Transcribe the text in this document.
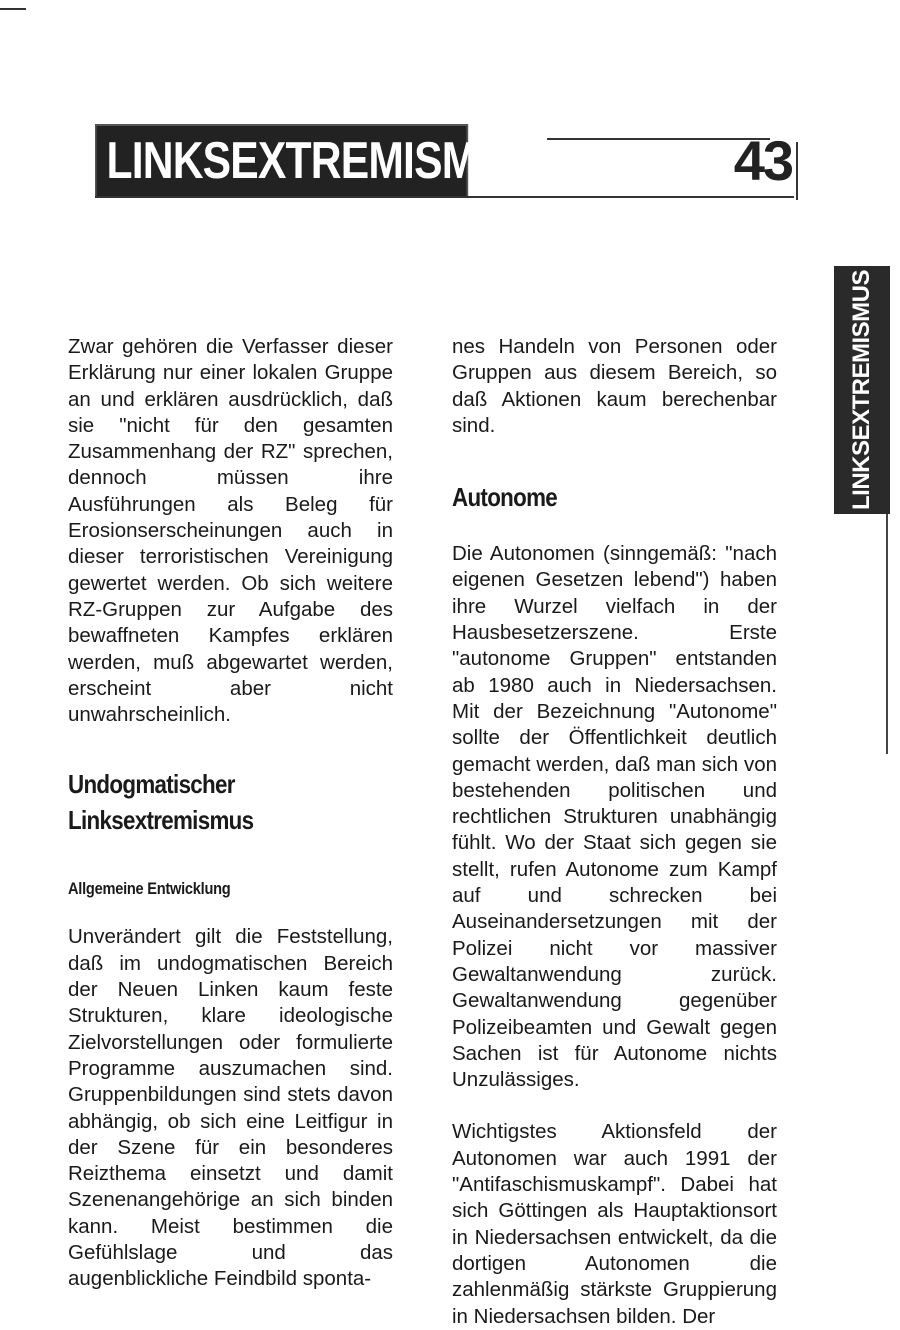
LINKSEXTREMISMUS	43
LINKSEXTREMISMUS

Zwar gehören die Verfasser dieser Erklärung nur einer lokalen Gruppe an und erklären ausdrücklich, daß sie "nicht für den gesamten Zusammenhang der RZ" sprechen, dennoch müssen ihre Ausführungen als Beleg für Erosionserscheinungen auch in dieser terroristischen Vereinigung gewertet werden. Ob sich weitere RZ-Gruppen zur Aufgabe des bewaffneten Kampfes erklären werden, muß abgewartet werden, erscheint aber nicht unwahrscheinlich.

Undogmatischer
Linksextremismus
Allgemeine Entwicklung

Unverändert gilt die Feststellung, daß im undogmatischen Bereich der Neuen Linken kaum feste Strukturen, klare ideologische Zielvorstellungen oder formulierte Programme auszumachen sind. Gruppenbildungen sind stets davon abhängig, ob sich eine Leitfigur in der Szene für ein besonderes Reizthema einsetzt und damit Szenenangehörige an sich binden kann. Meist bestimmen die Gefühlslage und das augenblickliche Feindbild sponta-

nes Handeln von Personen oder Gruppen aus diesem Bereich, so daß Aktionen kaum berechenbar sind.

Autonome

Die Autonomen (sinngemäß: "nach eigenen Gesetzen lebend") haben ihre Wurzel vielfach in der Hausbesetzerszene. Erste "autonome Gruppen" entstanden ab 1980 auch in Niedersachsen. Mit der Bezeichnung "Autonome" sollte der Öffentlichkeit deutlich gemacht werden, daß man sich von bestehenden politischen und rechtlichen Strukturen unabhängig fühlt. Wo der Staat sich gegen sie stellt, rufen Autonome zum Kampf auf und schrecken bei Auseinandersetzungen mit der Polizei nicht vor massiver Gewaltanwendung zurück. Gewaltanwendung gegenüber Polizeibeamten und Gewalt gegen Sachen ist für Autonome nichts Unzulässiges.

Wichtigstes Aktionsfeld der Autonomen war auch 1991 der "Antifaschismuskampf". Dabei hat sich Göttingen als Hauptaktionsort in Niedersachsen entwickelt, da die dortigen Autonomen die zahlenmäßig stärkste Gruppierung in Niedersachsen bilden. Der
